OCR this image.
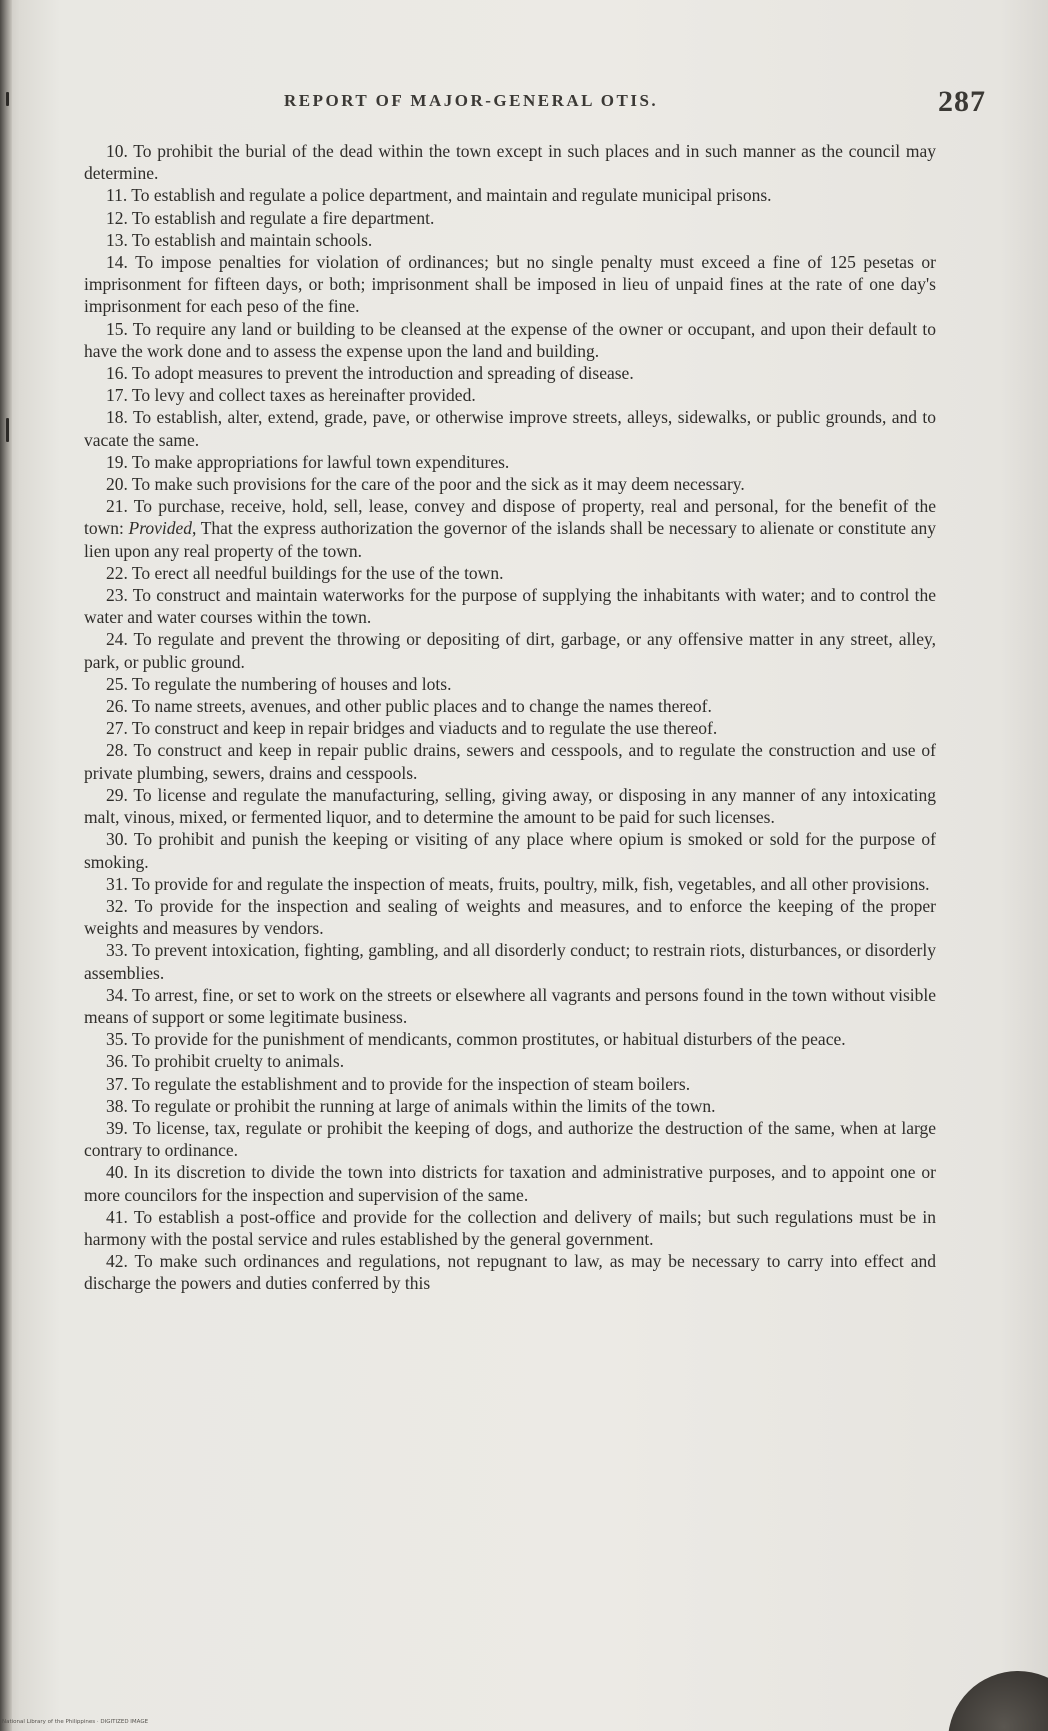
REPORT OF MAJOR-GENERAL OTIS.	287

10. To prohibit the burial of the dead within the town except in such places and in such manner as the council may determine.

11. To establish and regulate a police department, and maintain and regulate municipal prisons.

12. To establish and regulate a fire department.

13. To establish and maintain schools.

14. To impose penalties for violation of ordinances; but no single penalty must exceed a fine of 125 pesetas or imprisonment for fifteen days, or both; imprisonment shall be imposed in lieu of unpaid fines at the rate of one day's imprisonment for each peso of the fine.

15. To require any land or building to be cleansed at the expense of the owner or occupant, and upon their default to have the work done and to assess the expense upon the land and building.

16. To adopt measures to prevent the introduction and spreading of disease.

17. To levy and collect taxes as hereinafter provided.

18. To establish, alter, extend, grade, pave, or otherwise improve streets, alleys, sidewalks, or public grounds, and to vacate the same.

19. To make appropriations for lawful town expenditures.

20. To make such provisions for the care of the poor and the sick as it may deem necessary.

21. To purchase, receive, hold, sell, lease, convey and dispose of property, real and personal, for the benefit of the town: Provided, That the express authorization the governor of the islands shall be necessary to alienate or constitute any lien upon any real property of the town.

22. To erect all needful buildings for the use of the town.

23. To construct and maintain waterworks for the purpose of supplying the inhabitants with water; and to control the water and water courses within the town.

24. To regulate and prevent the throwing or depositing of dirt, garbage, or any offensive matter in any street, alley, park, or public ground.

25. To regulate the numbering of houses and lots.

26. To name streets, avenues, and other public places and to change the names thereof.

27. To construct and keep in repair bridges and viaducts and to regulate the use thereof.

28. To construct and keep in repair public drains, sewers and cesspools, and to regulate the construction and use of private plumbing, sewers, drains and cesspools.

29. To license and regulate the manufacturing, selling, giving away, or disposing in any manner of any intoxicating malt, vinous, mixed, or fermented liquor, and to determine the amount to be paid for such licenses.

30. To prohibit and punish the keeping or visiting of any place where opium is smoked or sold for the purpose of smoking.

31. To provide for and regulate the inspection of meats, fruits, poultry, milk, fish, vegetables, and all other provisions.

32. To provide for the inspection and sealing of weights and measures, and to enforce the keeping of the proper weights and measures by vendors.

33. To prevent intoxication, fighting, gambling, and all disorderly conduct; to restrain riots, disturbances, or disorderly assemblies.

34. To arrest, fine, or set to work on the streets or elsewhere all vagrants and persons found in the town without visible means of support or some legitimate business.

35. To provide for the punishment of mendicants, common prostitutes, or habitual disturbers of the peace.

36. To prohibit cruelty to animals.

37. To regulate the establishment and to provide for the inspection of steam boilers.

38. To regulate or prohibit the running at large of animals within the limits of the town.

39. To license, tax, regulate or prohibit the keeping of dogs, and authorize the destruction of the same, when at large contrary to ordinance.

40. In its discretion to divide the town into districts for taxation and administrative purposes, and to appoint one or more councilors for the inspection and supervision of the same.

41. To establish a post-office and provide for the collection and delivery of mails; but such regulations must be in harmony with the postal service and rules established by the general government.

42. To make such ordinances and regulations, not repugnant to law, as may be necessary to carry into effect and discharge the powers and duties conferred by this

National Library of the Philippines · DIGITIZED IMAGE
